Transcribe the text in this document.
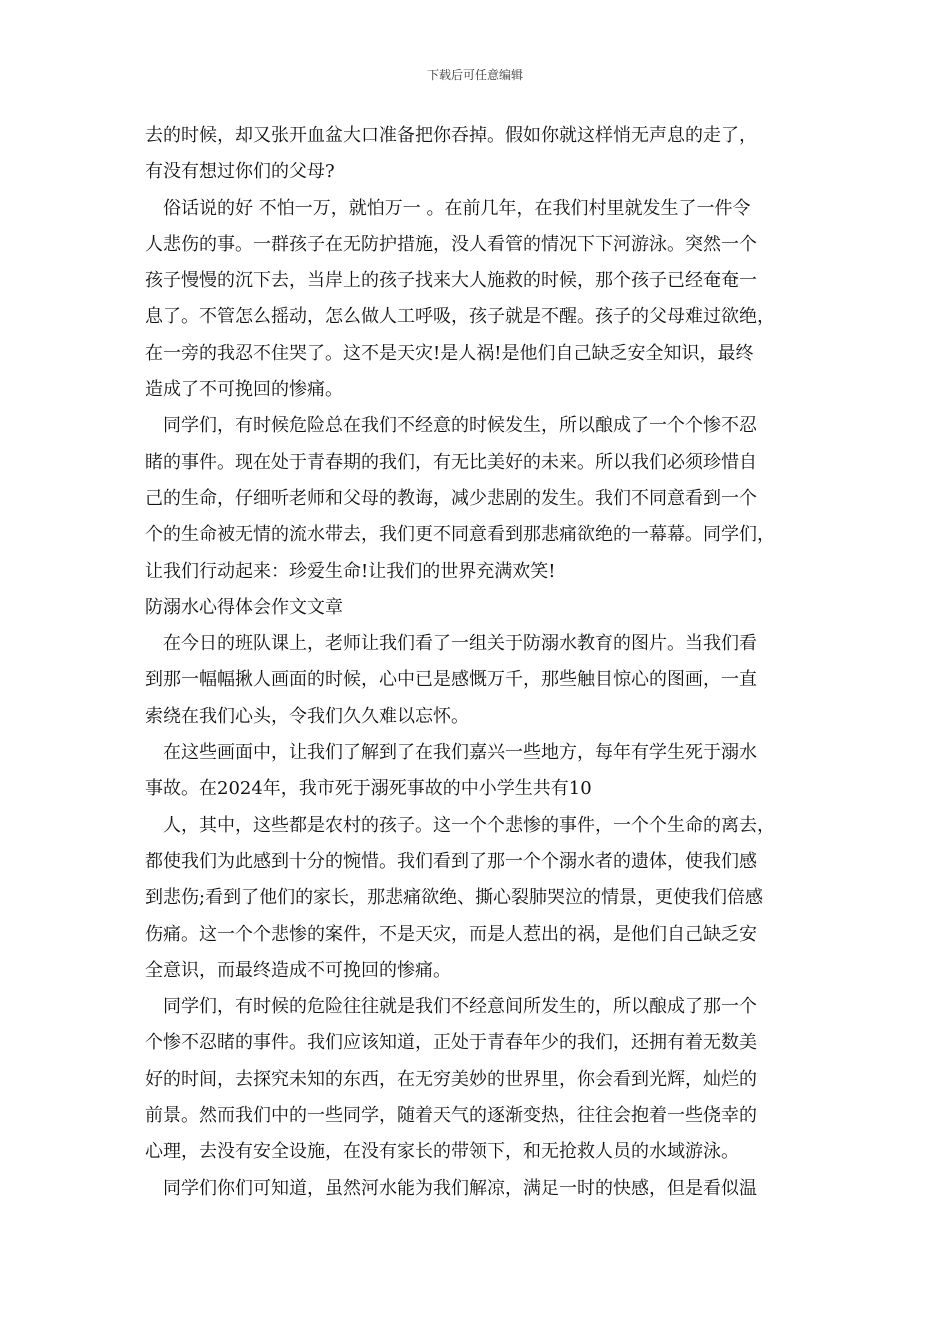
下载后可任意编辑
去的时候，却又张开血盆大口准备把你吞掉。假如你就这样悄无声息的走了，
有没有想过你们的父母?
　俗话说的好 不怕一万，就怕万一 。在前几年，在我们村里就发生了一件令
人悲伤的事。一群孩子在无防护措施，没人看管的情况下下河游泳。突然一个
孩子慢慢的沉下去，当岸上的孩子找来大人施救的时候，那个孩子已经奄奄一
息了。不管怎么摇动，怎么做人工呼吸，孩子就是不醒。孩子的父母难过欲绝，
在一旁的我忍不住哭了。这不是天灾!是人祸!是他们自己缺乏安全知识，最终
造成了不可挽回的惨痛。
　同学们，有时候危险总在我们不经意的时候发生，所以酿成了一个个惨不忍
睹的事件。现在处于青春期的我们，有无比美好的未来。所以我们必须珍惜自
己的生命，仔细听老师和父母的教诲，减少悲剧的发生。我们不同意看到一个
个的生命被无情的流水带去，我们更不同意看到那悲痛欲绝的一幕幕。同学们，
让我们行动起来：珍爱生命!让我们的世界充满欢笑!
防溺水心得体会作文文章
　在今日的班队课上，老师让我们看了一组关于防溺水教育的图片。当我们看
到那一幅幅揪人画面的时候，心中已是感慨万千，那些触目惊心的图画，一直
索绕在我们心头，令我们久久难以忘怀。
　在这些画面中，让我们了解到了在我们嘉兴一些地方，每年有学生死于溺水
事故。在2024年，我市死于溺死事故的中小学生共有10
　人，其中，这些都是农村的孩子。这一个个悲惨的事件，一个个生命的离去，
都使我们为此感到十分的惋惜。我们看到了那一个个溺水者的遗体，使我们感
到悲伤;看到了他们的家长，那悲痛欲绝、撕心裂肺哭泣的情景，更使我们倍感
伤痛。这一个个悲惨的案件，不是天灾，而是人惹出的祸，是他们自己缺乏安
全意识，而最终造成不可挽回的惨痛。
　同学们，有时候的危险往往就是我们不经意间所发生的，所以酿成了那一个
个惨不忍睹的事件。我们应该知道，正处于青春年少的我们，还拥有着无数美
好的时间，去探究未知的东西，在无穷美妙的世界里，你会看到光辉，灿烂的
前景。然而我们中的一些同学，随着天气的逐渐变热，往往会抱着一些侥幸的
心理，去没有安全设施，在没有家长的带领下，和无抢救人员的水域游泳。
　同学们你们可知道，虽然河水能为我们解凉，满足一时的快感，但是看似温
